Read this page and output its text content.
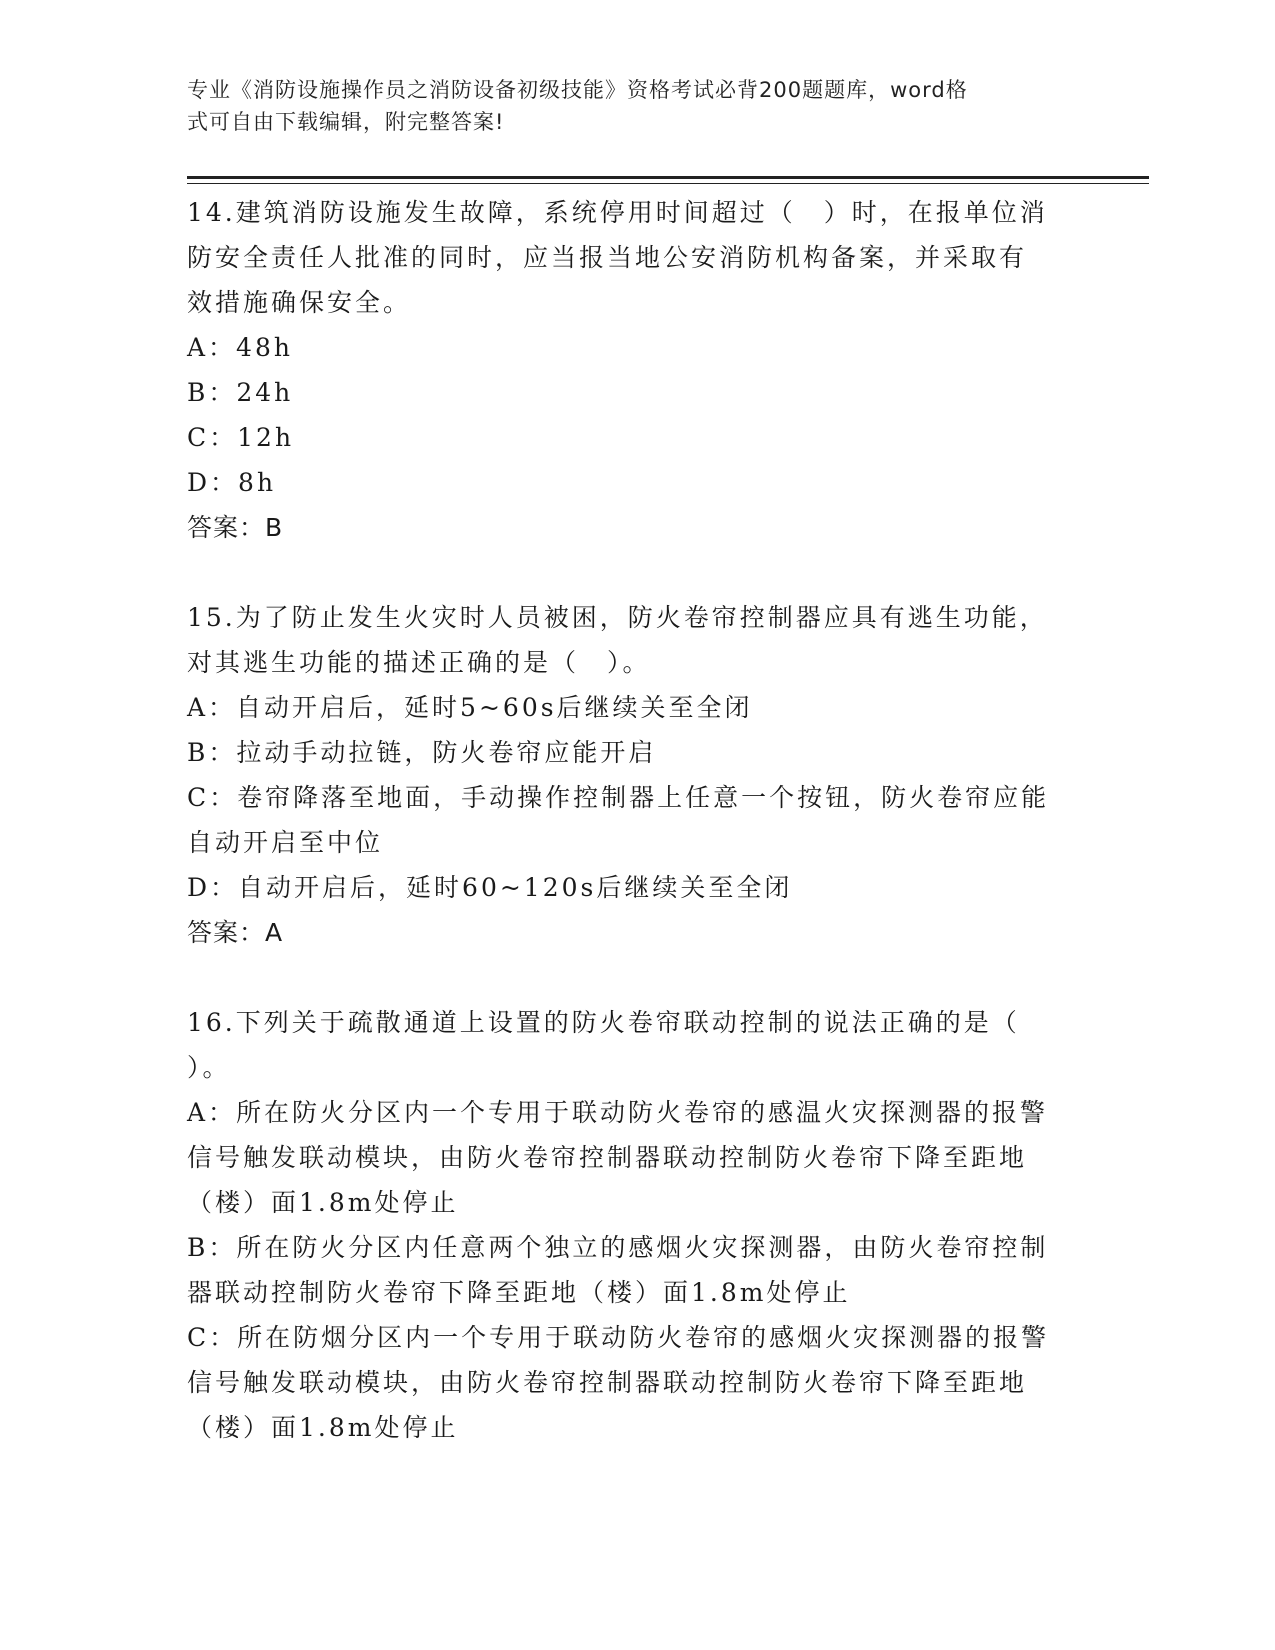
专业《消防设施操作员之消防设备初级技能》资格考试必背200题题库，word格
式可自由下载编辑，附完整答案!

14.建筑消防设施发生故障，系统停用时间超过（　）时，在报单位消

防安全责任人批准的同时，应当报当地公安消防机构备案，并采取有

效措施确保安全。

A：48h

B：24h

C：12h

D：8h

答案：B

15.为了防止发生火灾时人员被困，防火卷帘控制器应具有逃生功能，

对其逃生功能的描述正确的是（　）。

A：自动开启后，延时5~60s后继续关至全闭

B：拉动手动拉链，防火卷帘应能开启

C：卷帘降落至地面，手动操作控制器上任意一个按钮，防火卷帘应能

自动开启至中位

D：自动开启后，延时60~120s后继续关至全闭

答案：A

16.下列关于疏散通道上设置的防火卷帘联动控制的说法正确的是（

）。

A：所在防火分区内一个专用于联动防火卷帘的感温火灾探测器的报警

信号触发联动模块，由防火卷帘控制器联动控制防火卷帘下降至距地

（楼）面1.8m处停止

B：所在防火分区内任意两个独立的感烟火灾探测器，由防火卷帘控制

器联动控制防火卷帘下降至距地（楼）面1.8m处停止

C：所在防烟分区内一个专用于联动防火卷帘的感烟火灾探测器的报警

信号触发联动模块，由防火卷帘控制器联动控制防火卷帘下降至距地

（楼）面1.8m处停止
